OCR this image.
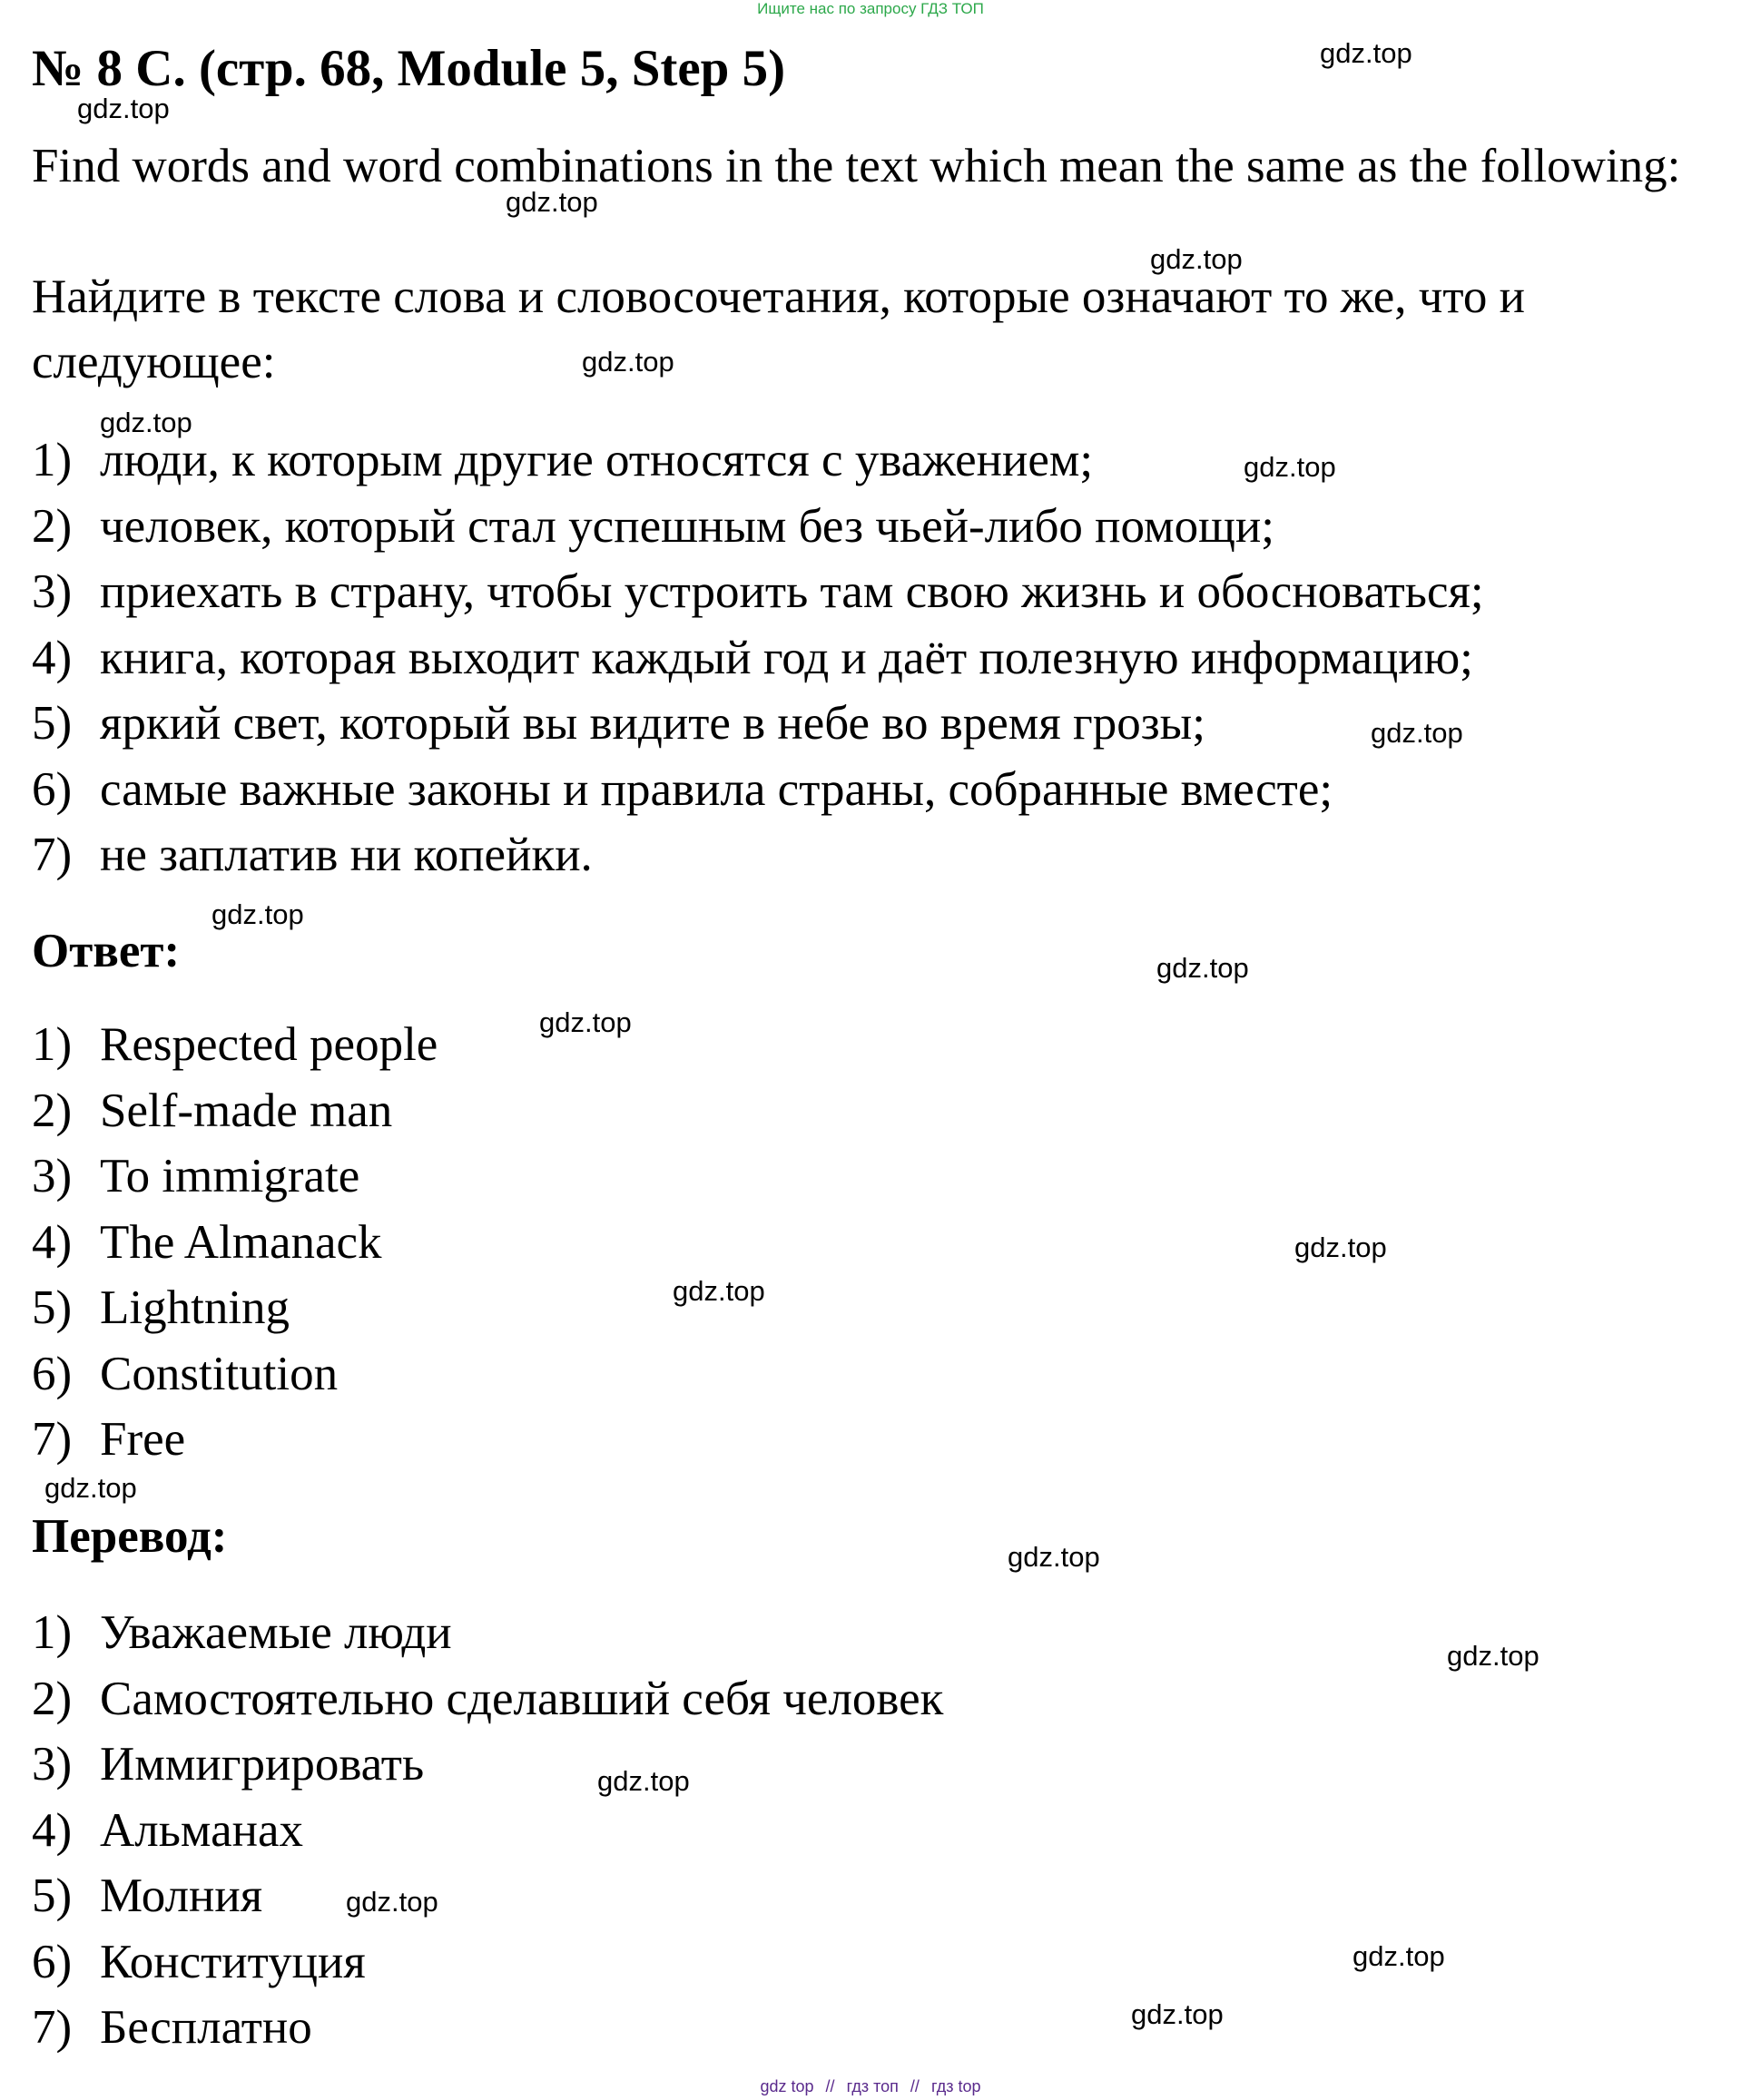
Ищите нас по запросу ГДЗ ТОП
№ 8 C. (стр. 68, Module 5, Step 5)

Find words and word combinations in the text which mean the same as the following:

Найдите в тексте слова и словосочетания, которые означают то же, что и следующее:

1) люди, к которым другие относятся с уважением;
2) человек, который стал успешным без чьей-либо помощи;
3) приехать в страну, чтобы устроить там свою жизнь и обосноваться;
4) книга, которая выходит каждый год и даёт полезную информацию;
5) яркий свет, который вы видите в небе во время грозы;
6) самые важные законы и правила страны, собранные вместе;
7) не заплатив ни копейки.
Ответ:
1) Respected people
2) Self-made man
3) To immigrate
4) The Almanack
5) Lightning
6) Constitution
7) Free
Перевод:
1) Уважаемые люди
2) Самостоятельно сделавший себя человек
3) Иммигрировать
4) Альманах
5) Молния
6) Конституция
7) Бесплатно
gdz.top
gdz.top
gdz.top
gdz.top
gdz.top
gdz.top
gdz.top
gdz.top
gdz.top
gdz.top
gdz.top
gdz.top
gdz.top
gdz.top
gdz.top
gdz.top
gdz.top
gdz.top
gdz.top
gdz.top
gdz top // гдз топ // гдз top
